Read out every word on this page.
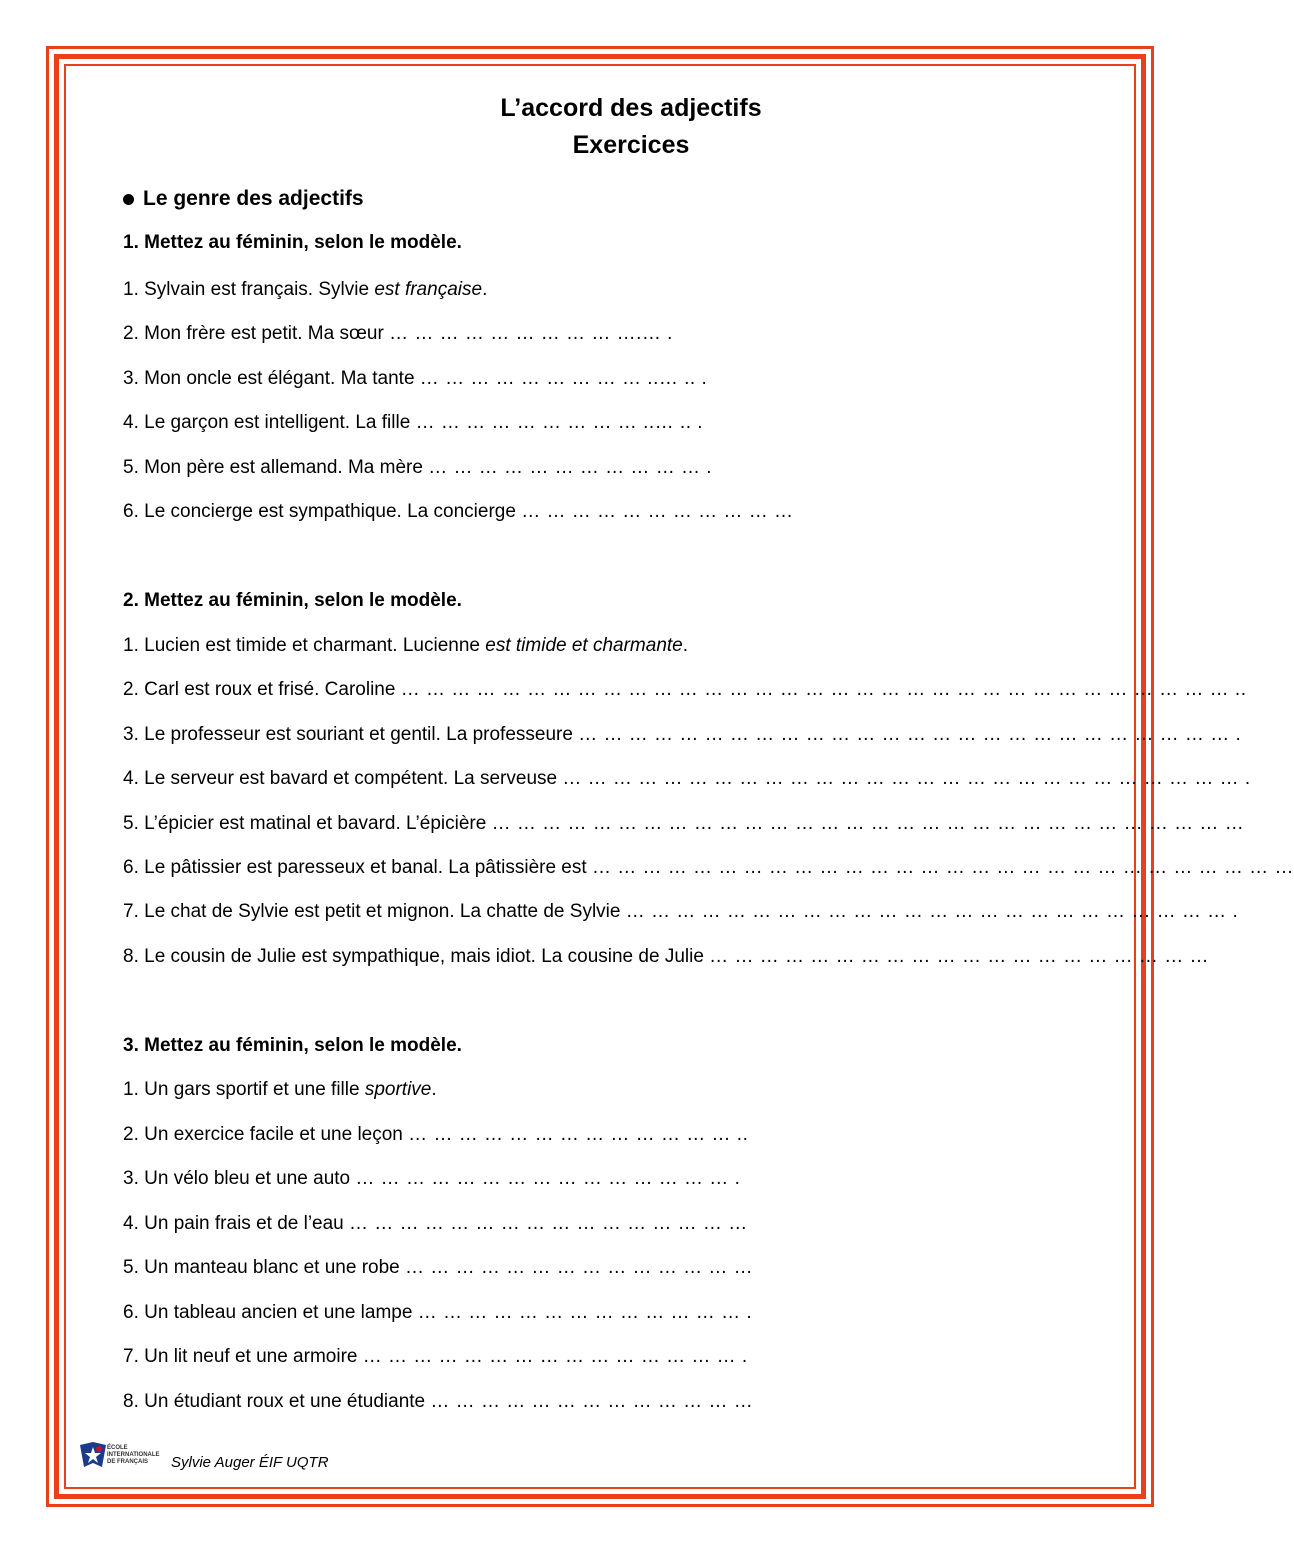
L’accord des adjectifs
Exercices
Le genre des adjectifs
1. Mettez au féminin, selon le modèle.
1. Sylvain est français. Sylvie est française.
2. Mon frère est petit. Ma sœur … … … … … … … … … ….… .
3. Mon oncle est élégant. Ma tante … … … … … … … … … ..… .. .
4. Le garçon est intelligent. La fille … … … … … … … … … ..… .. .
5. Mon père est allemand. Ma mère … … … … … … … … … … … .
6. Le concierge est sympathique. La concierge … … … … … … … … … … …
2. Mettez au féminin, selon le modèle.
1. Lucien est timide et charmant. Lucienne est timide et charmante.
2. Carl est roux et frisé. Caroline … … … … … … … … … … … … … … … … … … … … … … … … … … … … … … … … … ..
3. Le professeur est souriant et gentil. La professeure … … … … … … … … … … … … … … … … … … … … … … … … … … .
4. Le serveur est bavard et compétent. La serveuse … … … … … … … … … … … … … … … … … … … … … … … … … … … .
5. L’épicier est matinal et bavard. L’épicière … … … … … … … … … … … … … … … … … … … … … … … … … … … … … …
6. Le pâtissier est paresseux et banal. La pâtissière est … … … … … … … … … … … … … … … … … … … … … … … … … … … …
7. Le chat de Sylvie est petit et mignon. La chatte de Sylvie … … … … … … … … … … … … … … … … … … … … … … … … .
8. Le cousin de Julie est sympathique, mais idiot. La cousine de Julie … … … … … … … … … … … … … … … … … … … …
3. Mettez au féminin, selon le modèle.
1. Un gars sportif et une fille sportive.
2. Un exercice facile et une leçon … … … … … … … … … … … … … ..
3. Un vélo bleu et une auto … … … … … … … … … … … … … … … .
4. Un pain frais et de l’eau … … … … … … … … … … … … … … … …
5. Un manteau blanc et une robe … … … … … … … … … … … … … …
6. Un tableau ancien et une lampe … … … … … … … … … … … … … .
7. Un lit neuf et une armoire … … … … … … … … … … … … … … … .
8. Un étudiant roux et une étudiante … … … … … … … … … … … … …
ÉCOLE INTERNATIONALE DE FRANÇAIS	Sylvie Auger ÉIF UQTR
